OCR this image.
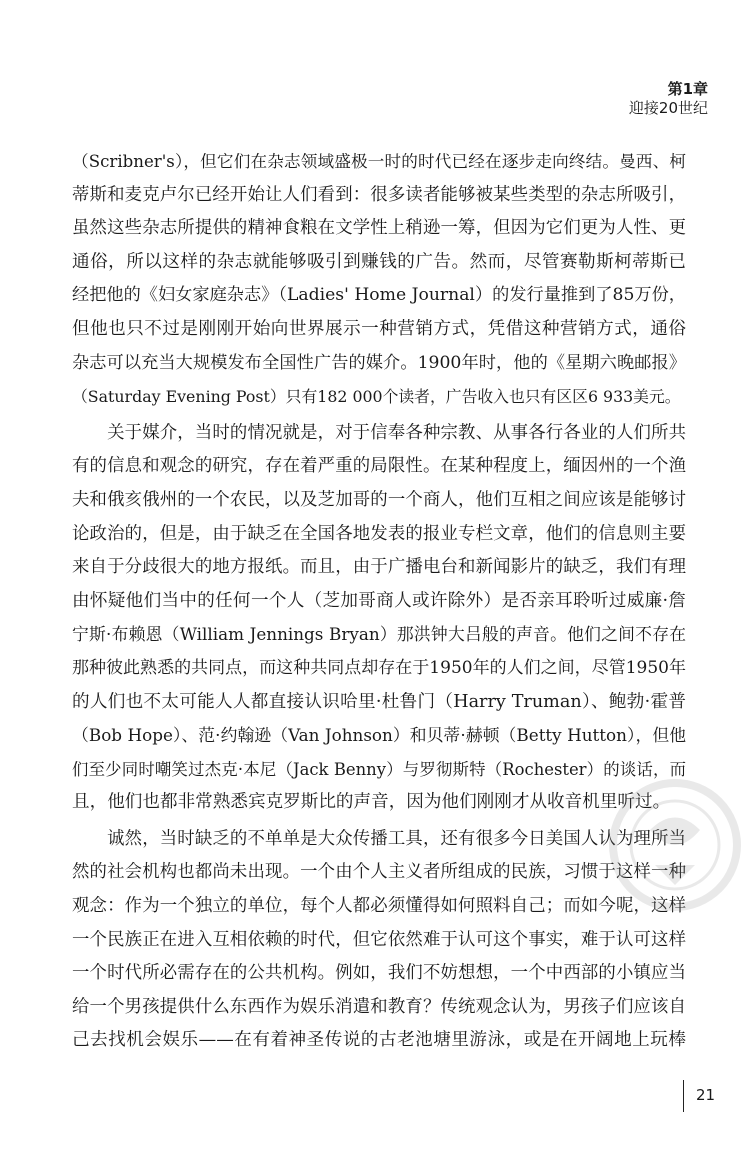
第1章
迎接20世纪
（Scribner's），但它们在杂志领域盛极一时的时代已经在逐步走向终结。曼西、柯
蒂斯和麦克卢尔已经开始让人们看到：很多读者能够被某些类型的杂志所吸引，
虽然这些杂志所提供的精神食粮在文学性上稍逊一筹，但因为它们更为人性、更
通俗，所以这样的杂志就能够吸引到赚钱的广告。然而，尽管赛勒斯柯蒂斯已
经把他的《妇女家庭杂志》（Ladies' Home Journal）的发行量推到了85万份，
但他也只不过是刚刚开始向世界展示一种营销方式，凭借这种营销方式，通俗
杂志可以充当大规模发布全国性广告的媒介。1900年时，他的《星期六晚邮报》
（Saturday Evening Post）只有182 000个读者，广告收入也只有区区6 933美元。
　　关于媒介，当时的情况就是，对于信奉各种宗教、从事各行各业的人们所共
有的信息和观念的研究，存在着严重的局限性。在某种程度上，缅因州的一个渔
夫和俄亥俄州的一个农民，以及芝加哥的一个商人，他们互相之间应该是能够讨
论政治的，但是，由于缺乏在全国各地发表的报业专栏文章，他们的信息则主要
来自于分歧很大的地方报纸。而且，由于广播电台和新闻影片的缺乏，我们有理
由怀疑他们当中的任何一个人（芝加哥商人或许除外）是否亲耳聆听过威廉·詹
宁斯·布赖恩（William Jennings Bryan）那洪钟大吕般的声音。他们之间不存在
那种彼此熟悉的共同点，而这种共同点却存在于1950年的人们之间，尽管1950年
的人们也不太可能人人都直接认识哈里·杜鲁门（Harry Truman）、鲍勃·霍普
（Bob Hope）、范·约翰逊（Van Johnson）和贝蒂·赫顿（Betty Hutton），但他
们至少同时嘲笑过杰克·本尼（Jack Benny）与罗彻斯特（Rochester）的谈话，而
且，他们也都非常熟悉宾克罗斯比的声音，因为他们刚刚才从收音机里听过。
　　诚然，当时缺乏的不单单是大众传播工具，还有很多今日美国人认为理所当
然的社会机构也都尚未出现。一个由个人主义者所组成的民族，习惯于这样一种
观念：作为一个独立的单位，每个人都必须懂得如何照料自己；而如今呢，这样
一个民族正在进入互相依赖的时代，但它依然难于认可这个事实，难于认可这样
一个时代所必需存在的公共机构。例如，我们不妨想想，一个中西部的小镇应当
给一个男孩提供什么东西作为娱乐消遣和教育？传统观念认为，男孩子们应该自
己去找机会娱乐——在有着神圣传说的古老池塘里游泳，或是在开阔地上玩棒
21
